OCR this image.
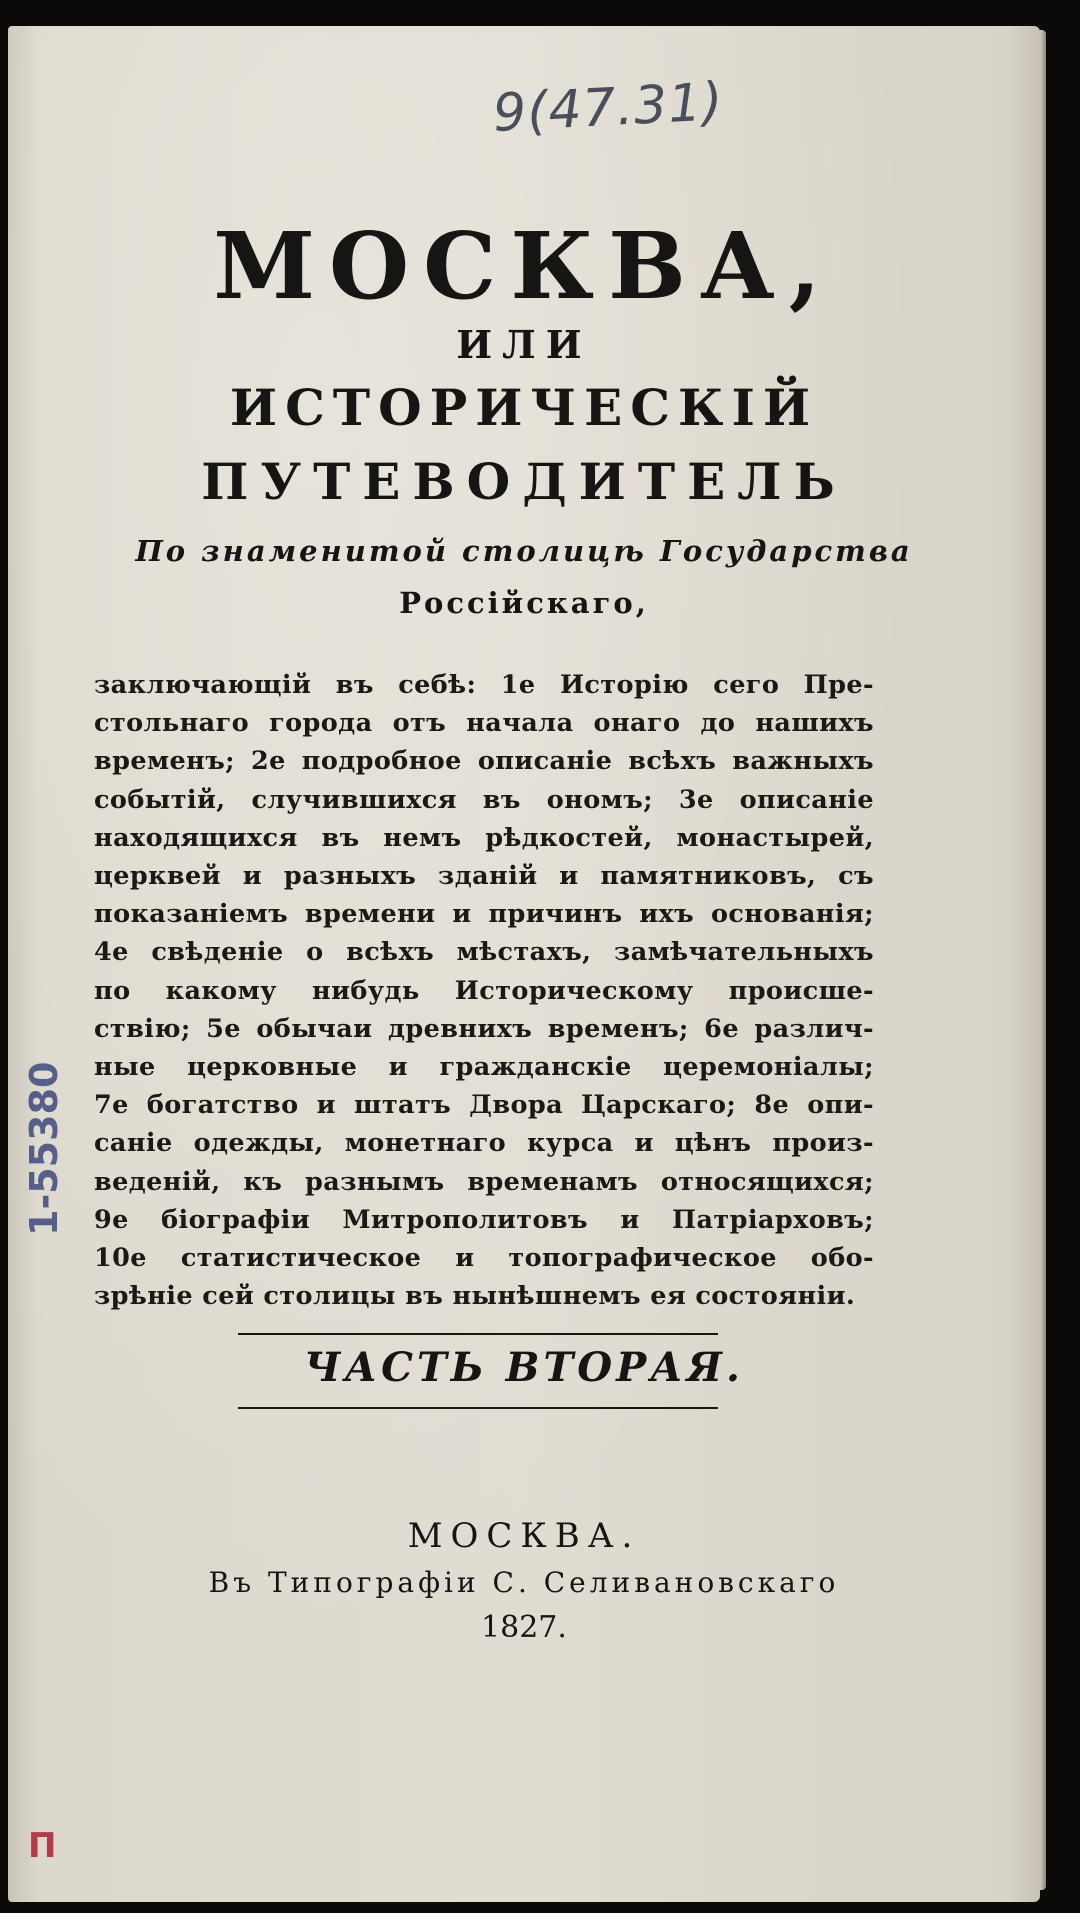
9(47.31)
МОСКВА,
ИЛИ
ИСТОРИЧЕСКІЙ
ПУТЕВОДИТЕЛЬ
По знаменитой столицѣ Государства
Россійскаго,
заключающій въ себѣ: 1е Исторію сего Пре-
стольнаго города отъ начала онаго до нашихъ
временъ; 2е подробное описаніе всѣхъ важныхъ
событій, случившихся въ ономъ; 3е описаніе
находящихся въ немъ рѣдкостей, монастырей,
церквей и разныхъ зданій и памятниковъ, съ
показаніемъ времени и причинъ ихъ основанія;
4е свѣденіе о всѣхъ мѣстахъ, замѣчательныхъ
по какому нибудь Историческому происше-
ствію; 5е обычаи древнихъ временъ; 6е различ-
ные церковные и гражданскіе церемоніалы;
7е богатство и штатъ Двора Царскаго; 8е опи-
саніе одежды, монетнаго курса и цѣнъ произ-
веденій, къ разнымъ временамъ относящихся;
9е біографіи Митрополитовъ и Патріарховъ;
10е статистическое и топографическое обо-
зрѣніе сей столицы въ нынѣшнемъ ея состояніи.
ЧАСТЬ ВТОРАЯ.
МОСКВА.
Въ Типографіи С. Селивановскаго
1827.
1-55380
П
